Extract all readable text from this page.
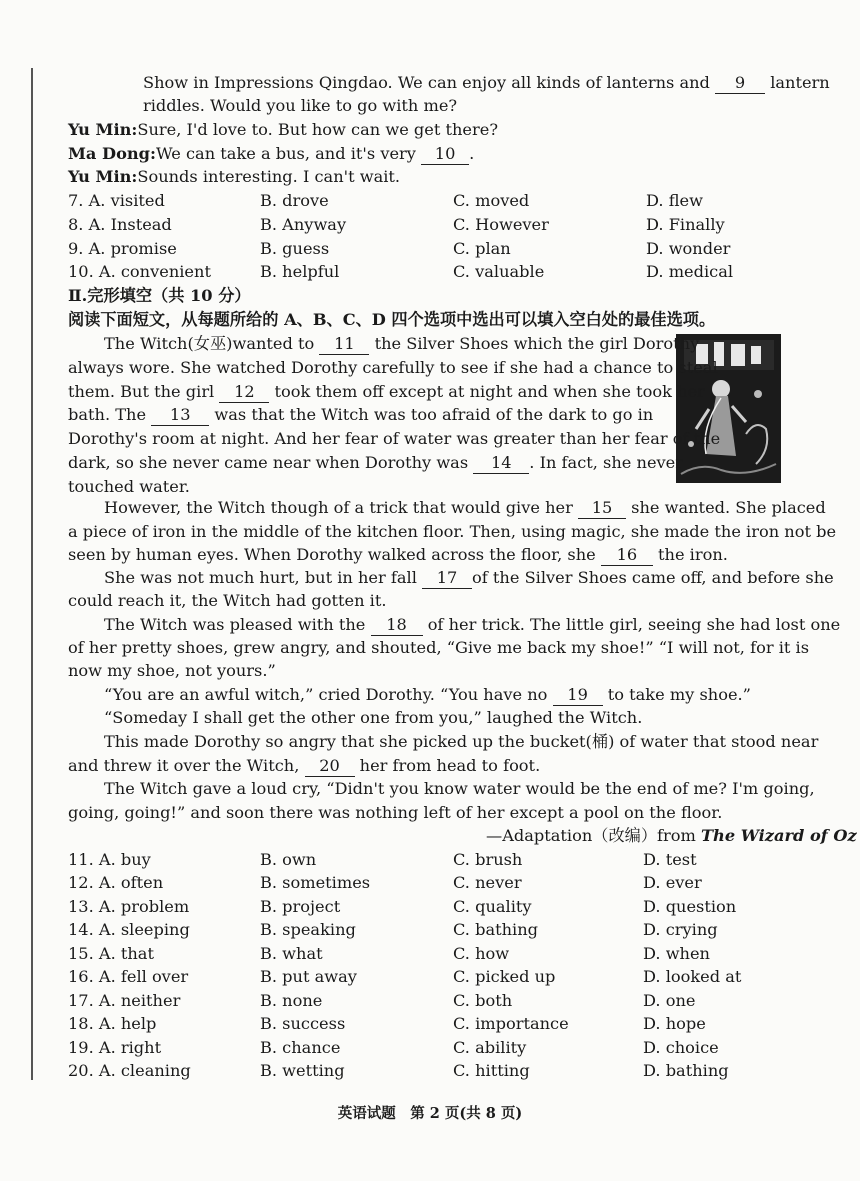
Show in Impressions Qingdao. We can enjoy all kinds of lanterns and 9 lantern
riddles. Would you like to go with me?
Yu Min:Sure, I'd love to. But how can we get there?
Ma Dong:We can take a bus, and it's very 10 .
Yu Min:Sounds interesting. I can't wait.
7. A. visited	B. drove	C. moved	D. flew
8. A. Instead	B. Anyway	C. However	D. Finally
9. A. promise	B. guess	C. plan	D. wonder
10. A. convenient	B. helpful	C. valuable	D. medical
Ⅱ.完形填空（共 10 分）
阅读下面短文，从每题所给的 A、B、C、D 四个选项中选出可以填入空白处的最佳选项。
The Witch(女巫)wanted to 11 the Silver Shoes which the girl Dorothy
always wore. She watched Dorothy carefully to see if she had a chance to steal
them. But the girl 12 took them off except at night and when she took her
bath. The 13 was that the Witch was too afraid of the dark to go in
Dorothy's room at night. And her fear of water was greater than her fear of the
dark, so she never came near when Dorothy was 14 . In fact, she never
touched water.
However, the Witch though of a trick that would give her 15 she wanted. She placed
a piece of iron in the middle of the kitchen floor. Then, using magic, she made the iron not be
seen by human eyes. When Dorothy walked across the floor, she 16 the iron.
She was not much hurt, but in her fall 17 of the Silver Shoes came off, and before she
could reach it, the Witch had gotten it.
The Witch was pleased with the 18 of her trick. The little girl, seeing she had lost one
of her pretty shoes, grew angry, and shouted, “Give me back my shoe!” “I will not, for it is
now my shoe, not yours.”
“You are an awful witch,” cried Dorothy. “You have no 19 to take my shoe.”
“Someday I shall get the other one from you,” laughed the Witch.
This made Dorothy so angry that she picked up the bucket(桶) of water that stood near
and threw it over the Witch, 20 her from head to foot.
The Witch gave a loud cry, “Didn't you know water would be the end of me? I'm going,
going, going!” and soon there was nothing left of her except a pool on the floor.
—Adaptation（改编）from The Wizard of Oz
11. A. buy	B. own	C. brush	D. test
12. A. often	B. sometimes	C. never	D. ever
13. A. problem	B. project	C. quality	D. question
14. A. sleeping	B. speaking	C. bathing	D. crying
15. A. that	B. what	C. how	D. when
16. A. fell over	B. put away	C. picked up	D. looked at
17. A. neither	B. none	C. both	D. one
18. A. help	B. success	C. importance	D. hope
19. A. right	B. chance	C. ability	D. choice
20. A. cleaning	B. wetting	C. hitting	D. bathing
英语试题　第 2 页(共 8 页)
